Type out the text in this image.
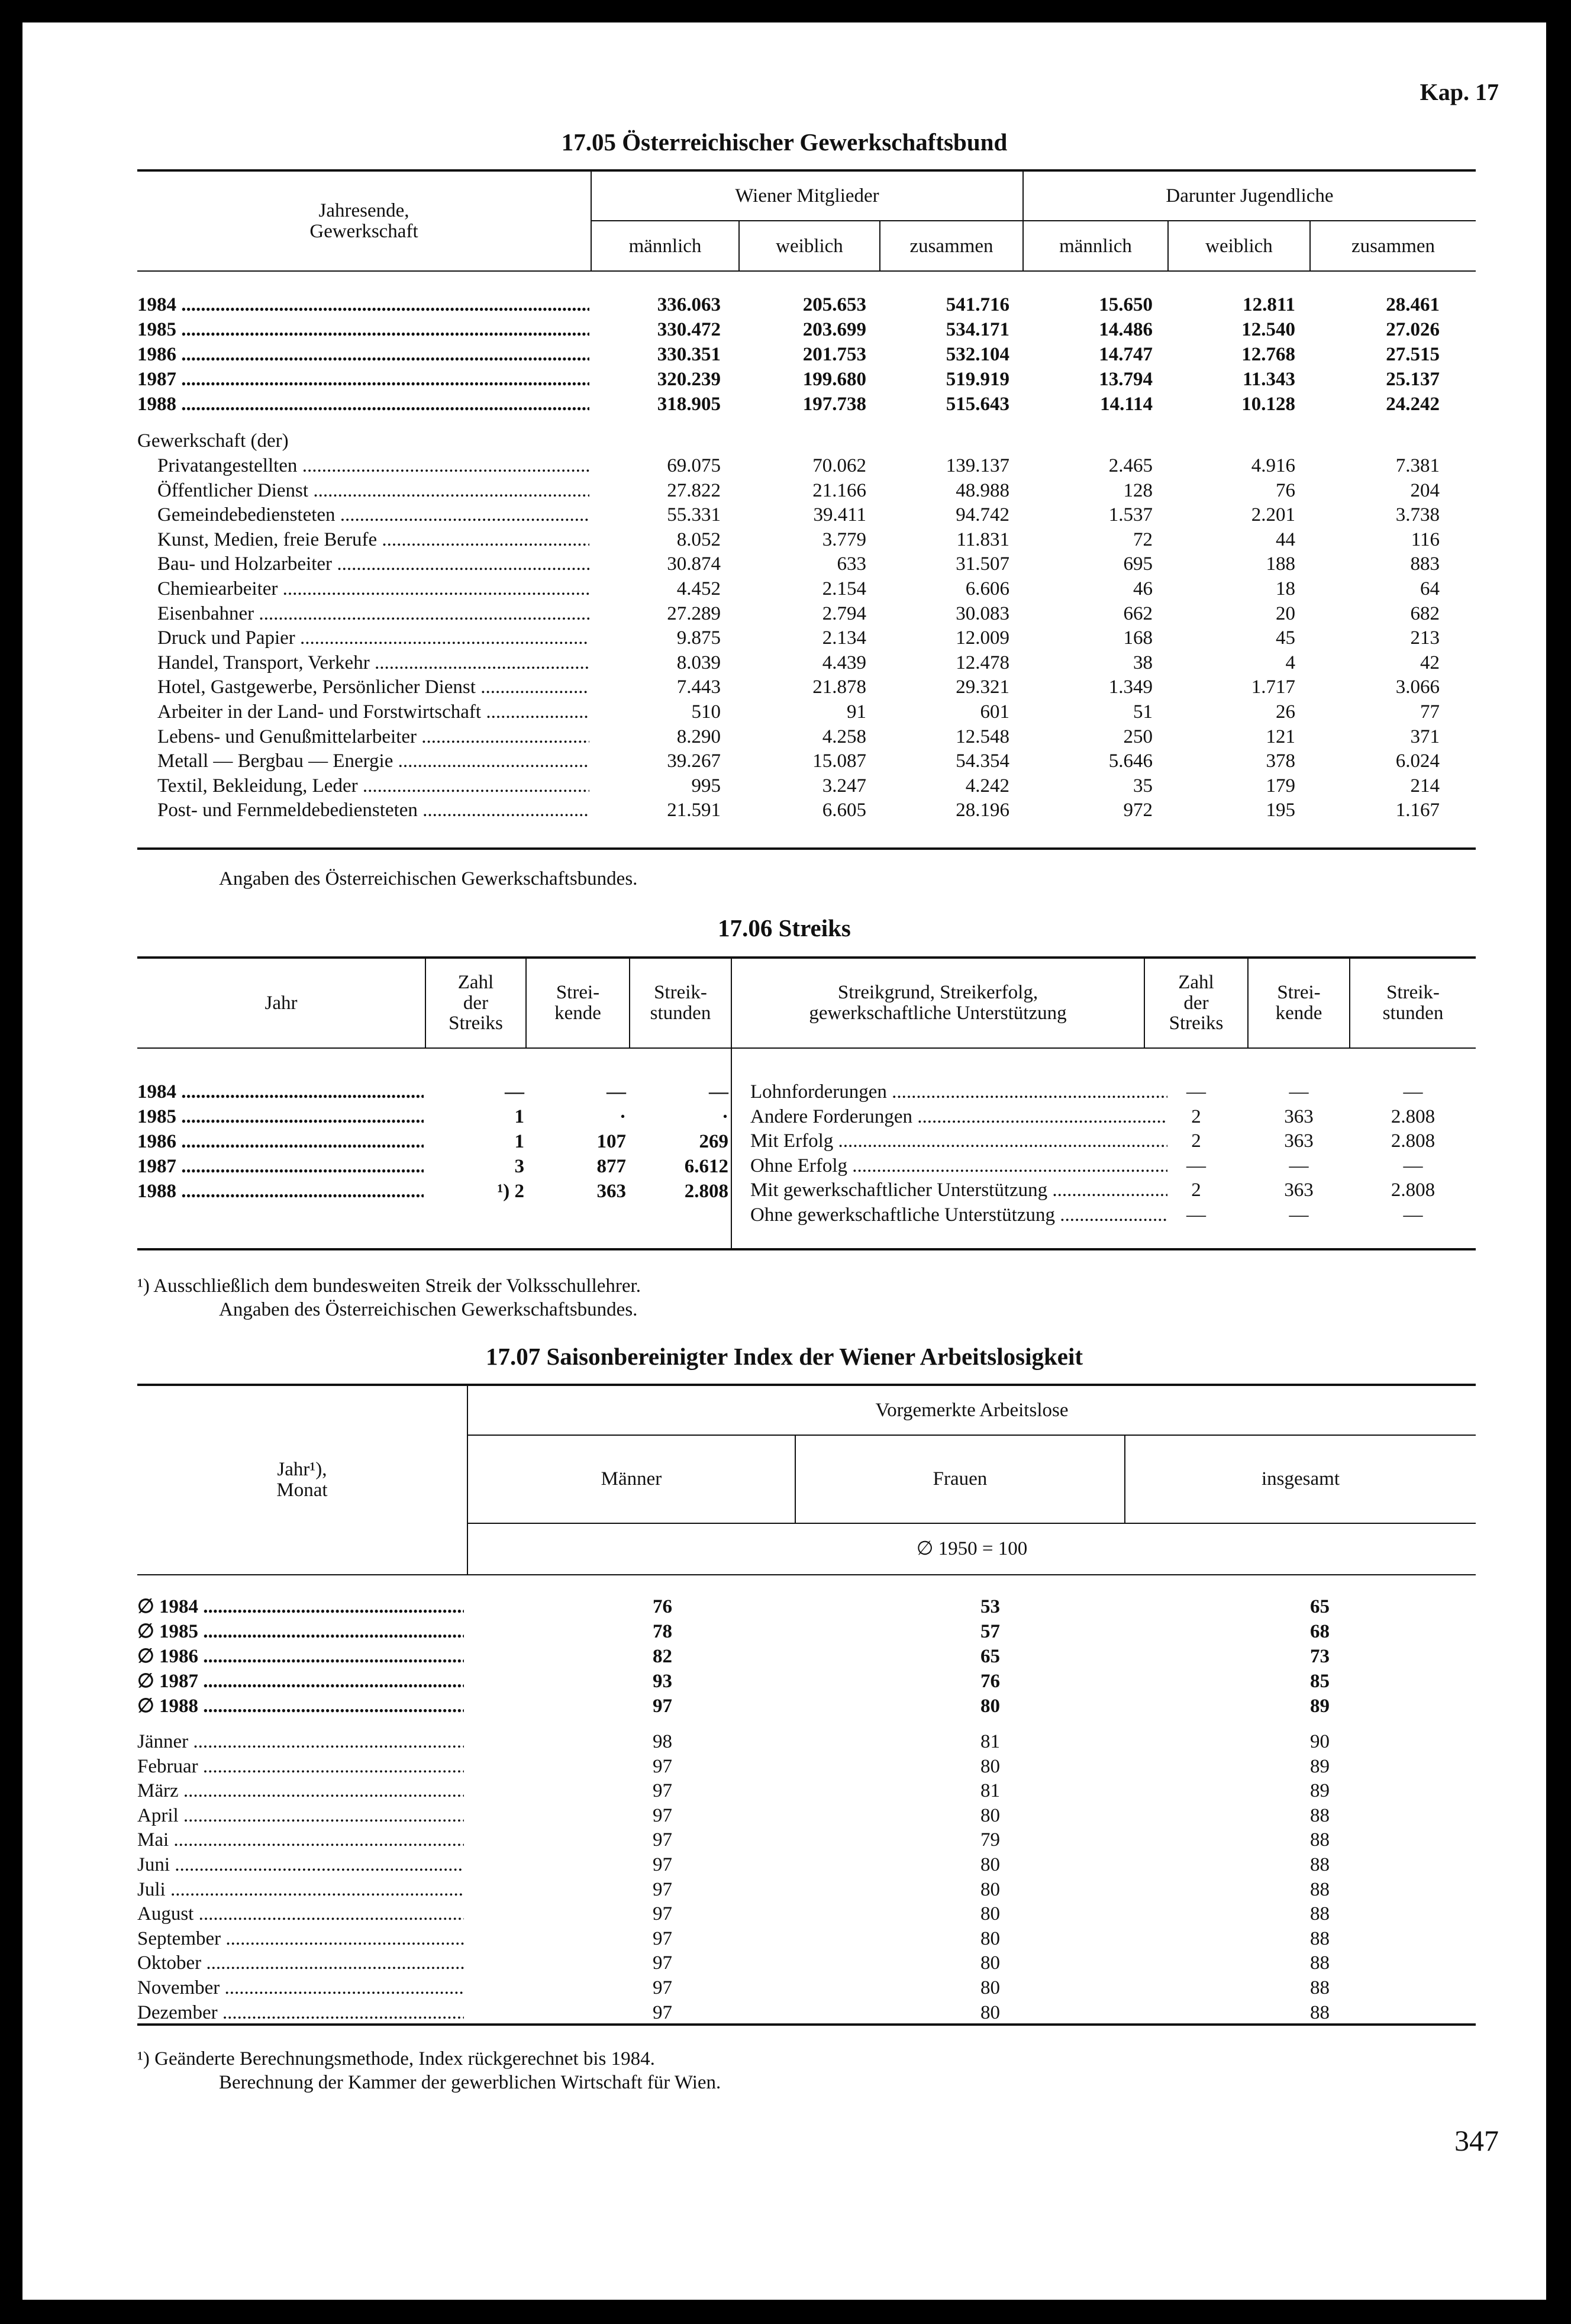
Kap. 17
17.05 Österreichischer Gewerkschaftsbund
Jahresende,
Gewerkschaft
Wiener Mitglieder	Darunter Jugendliche
männlich	weiblich	zusammen	männlich	weiblich	zusammen
1984 .....	336.063	205.653	541.716	15.650	12.811	28.461
1985 .....	330.472	203.699	534.171	14.486	12.540	27.026
1986 .....	330.351	201.753	532.104	14.747	12.768	27.515
1987 .....	320.239	199.680	519.919	13.794	11.343	25.137
1988 .....	318.905	197.738	515.643	14.114	10.128	24.242
Privatangestellten .....	69.075	70.062	139.137	2.465	4.916	7.381
Öffentlicher Dienst .....	27.822	21.166	48.988	128	76	204
Gemeindebediensteten .....	55.331	39.411	94.742	1.537	2.201	3.738
Kunst, Medien, freie Berufe .....	8.052	3.779	11.831	72	44	116
Bau- und Holzarbeiter .....	30.874	633	31.507	695	188	883
Chemiearbeiter .....	4.452	2.154	6.606	46	18	64
Eisenbahner .....	27.289	2.794	30.083	662	20	682
Druck und Papier .....	9.875	2.134	12.009	168	45	213
Handel, Transport, Verkehr .....	8.039	4.439	12.478	38	4	42
Hotel, Gastgewerbe, Persönlicher Dienst .....	7.443	21.878	29.321	1.349	1.717	3.066
Arbeiter in der Land- und Forstwirtschaft .....	510	91	601	51	26	77
Lebens- und Genußmittelarbeiter .....	8.290	4.258	12.548	250	121	371
Metall — Bergbau — Energie .....	39.267	15.087	54.354	5.646	378	6.024
Textil, Bekleidung, Leder .....	995	3.247	4.242	35	179	214
Post- und Fernmeldebediensteten .....	21.591	6.605	28.196	972	195	1.167
Gewerkschaft (der)
Angaben des Österreichischen Gewerkschaftsbundes.
17.06 Streiks
Jahr
Zahl
der
Streiks
Strei-
kende
Streik-
stunden
Streikgrund, Streikerfolg,
gewerkschaftliche Unterstützung
Zahl
der
Streiks
Strei-
kende
Streik-
stunden
1984 .....	—	—	—
1985 .....	1	·	·
1986 .....	1	107	269
1987 .....	3	877	6.612
1988 .....	¹) 2	363	2.808
Lohnforderungen .....	—	—	—
Andere Forderungen .....	2	363	2.808
Mit Erfolg .....	2	363	2.808
Ohne Erfolg .....	—	—	—
Mit gewerkschaftlicher Unterstützung .....	2	363	2.808
Ohne gewerkschaftliche Unterstützung .....	—	—	—
¹) Ausschließlich dem bundesweiten Streik der Volksschullehrer.
Angaben des Österreichischen Gewerkschaftsbundes.
17.07 Saisonbereinigter Index der Wiener Arbeitslosigkeit
Jahr¹),
Monat
Vorgemerkte Arbeitslose
Männer	Frauen	insgesamt
∅ 1950 = 100
∅ 1984 .....	76	53	65
∅ 1985 .....	78	57	68
∅ 1986 .....	82	65	73
∅ 1987 .....	93	76	85
∅ 1988 .....	97	80	89
Jänner .....	98	81	90
Februar .....	97	80	89
März .....	97	81	89
April .....	97	80	88
Mai .....	97	79	88
Juni .....	97	80	88
Juli .....	97	80	88
August .....	97	80	88
September .....	97	80	88
Oktober .....	97	80	88
November .....	97	80	88
Dezember .....	97	80	88
¹) Geänderte Berechnungsmethode, Index rückgerechnet bis 1984.
Berechnung der Kammer der gewerblichen Wirtschaft für Wien.
347
